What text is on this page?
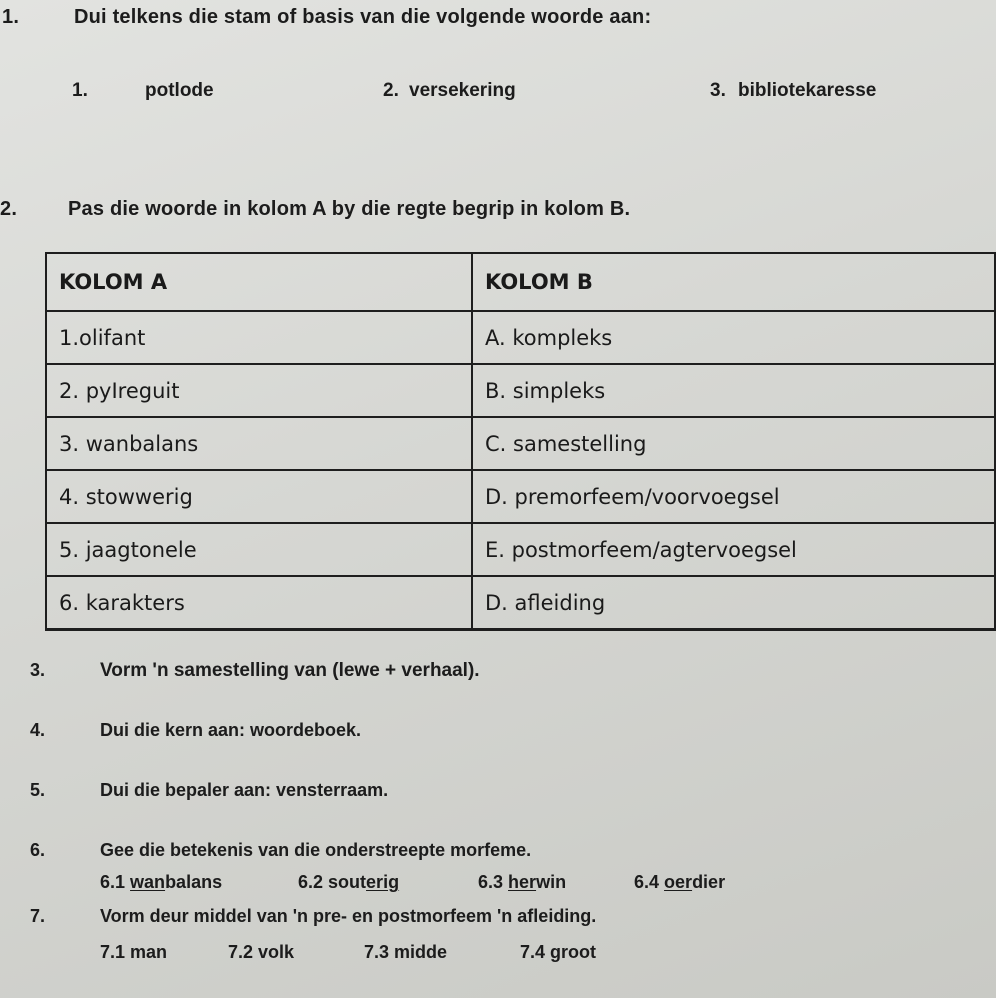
1.	Dui telkens die stam of basis van die volgende woorde aan:
1.	potlode	2. versekering	3. bibliotekaresse
2.	Pas die woorde in kolom A by die regte begrip in kolom B.
KOLOM A	KOLOM B
1.olifant	A. kompleks
2. pyIreguit	B. simpleks
3. wanbalans	C. samestelling
4. stowwerig	D. premorfeem/voorvoegsel
5. jaagtonele	E. postmorfeem/agtervoegsel
6. karakters	D. afleiding
3.	Vorm 'n samestelling van (lewe + verhaal).
4.	Dui die kern aan: woordeboek.
5.	Dui die bepaler aan: vensterraam.
6.	Gee die betekenis van die onderstreepte morfeme.
6.1 wanbalans	6.2 souterig	6.3 herwin	6.4 oerdier
7.	Vorm deur middel van 'n pre- en postmorfeem 'n afleiding.
7.1 man	7.2 volk	7.3 midde	7.4 groot
